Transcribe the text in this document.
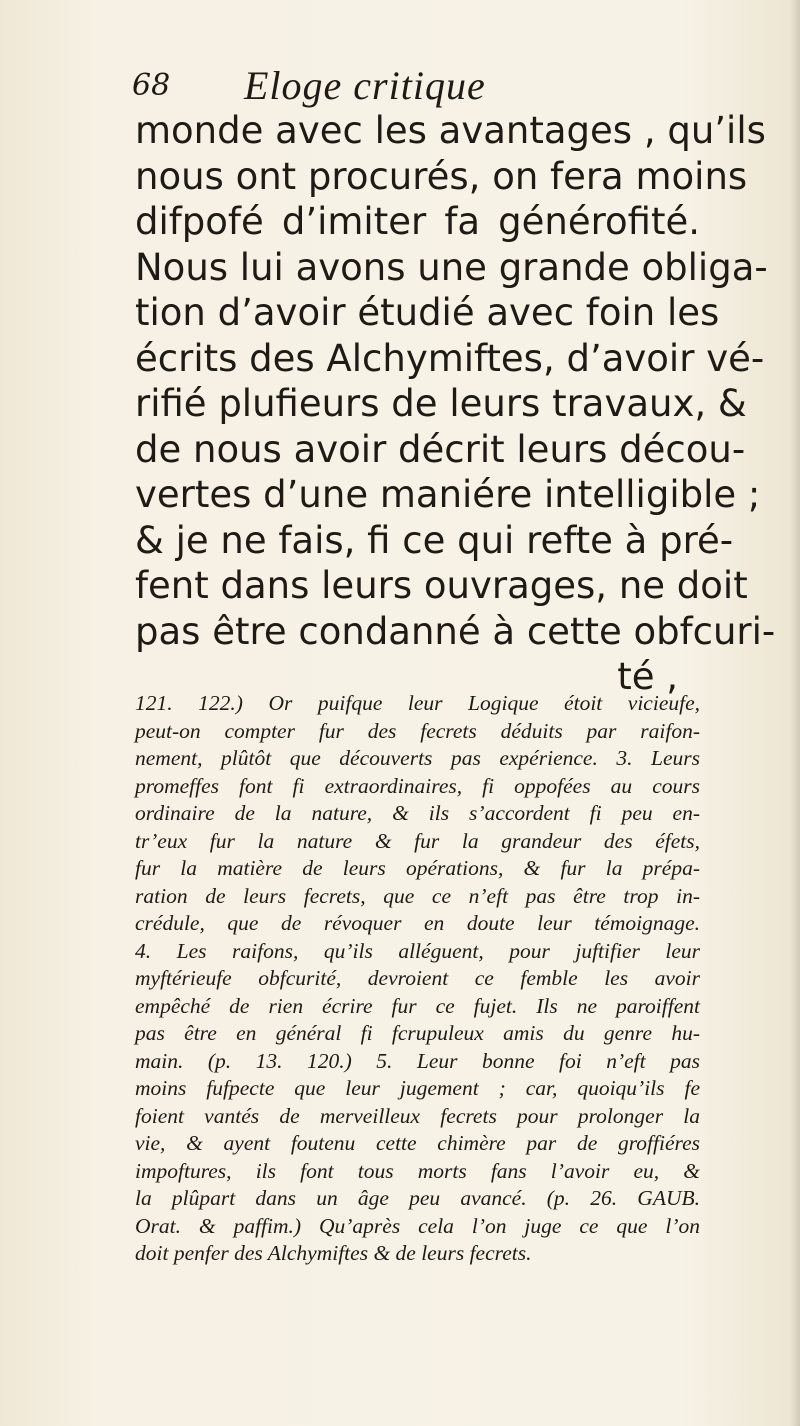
68 Eloge critique
monde avec les avantages , qu’ils
nous ont procurés, on fera moins
difpofé d’imiter fa générofité.
Nous lui avons une grande obliga-
tion d’avoir étudié avec foin les
écrits des Alchymiftes, d’avoir vé-
rifié plufieurs de leurs travaux, &
de nous avoir décrit leurs décou-
vertes d’une maniére intelligible ;
& je ne fais, fi ce qui refte à pré-
fent dans leurs ouvrages, ne doit
pas être condanné à cette obfcuri-
té ,
121. 122.) Or puifque leur Logique étoit vicieufe,
peut-on compter fur des fecrets déduits par raifon-
nement, plûtôt que découverts pas expérience. 3. Leurs
promeffes font fi extraordinaires, fi oppofées au cours
ordinaire de la nature, & ils s’accordent fi peu en-
tr’eux fur la nature & fur la grandeur des éfets,
fur la matière de leurs opérations, & fur la prépa-
ration de leurs fecrets, que ce n’eft pas être trop in-
crédule, que de révoquer en doute leur témoignage.
4. Les raifons, qu’ils alléguent, pour juftifier leur
myftérieufe obfcurité, devroient ce femble les avoir
empêché de rien écrire fur ce fujet. Ils ne paroiffent
pas être en général fi fcrupuleux amis du genre hu-
main. (p. 13. 120.) 5. Leur bonne foi n’eft pas
moins fufpecte que leur jugement ; car, quoiqu’ils fe
foient vantés de merveilleux fecrets pour prolonger la
vie, & ayent foutenu cette chimère par de groffiéres
impoftures, ils font tous morts fans l’avoir eu, &
la plûpart dans un âge peu avancé. (p. 26. GAUB.
Orat. & paffim.) Qu’après cela l’on juge ce que l’on
doit penfer des Alchymiftes & de leurs fecrets.
